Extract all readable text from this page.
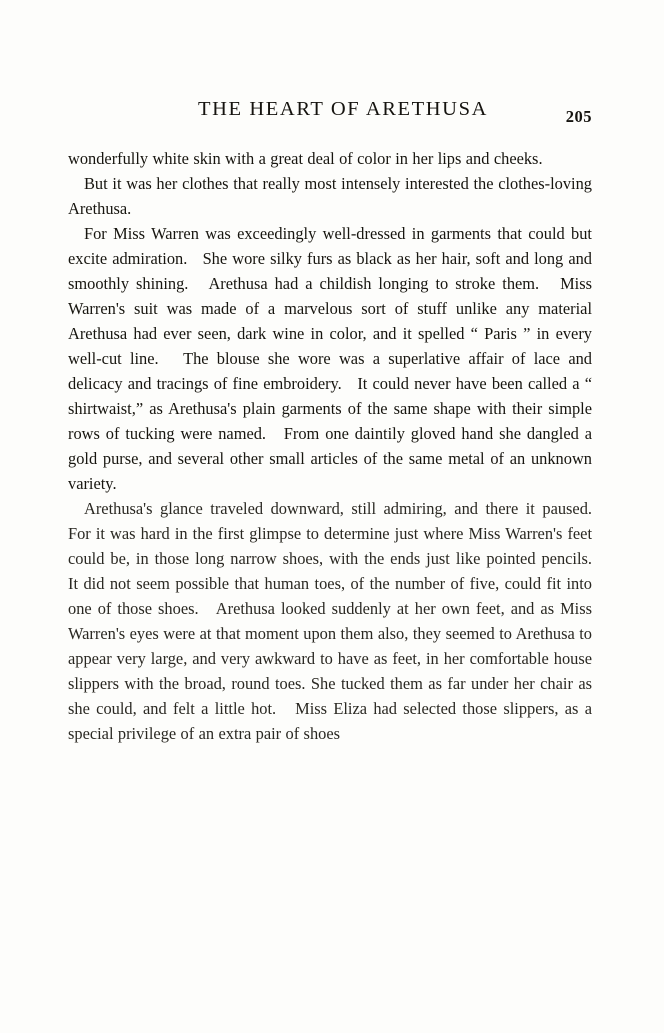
THE HEART OF ARETHUSA	205

wonderfully white skin with a great deal of color in her lips and cheeks.

But it was her clothes that really most intensely interested the clothes-loving Arethusa.

For Miss Warren was exceedingly well-dressed in garments that could but excite admiration.   She wore silky furs as black as her hair, soft and long and smoothly shining.   Arethusa had a childish longing to stroke them.   Miss Warren's suit was made of a marvelous sort of stuff unlike any material Arethusa had ever seen, dark wine in color, and it spelled “ Paris ” in every well-cut line.   The blouse she wore was a superlative affair of lace and delicacy and tracings of fine embroidery.   It could never have been called a “ shirtwaist,” as Arethusa's plain garments of the same shape with their simple rows of tucking were named.   From one daintily gloved hand she dangled a gold purse, and several other small articles of the same metal of an unknown variety.

Arethusa's glance traveled downward, still admiring, and there it paused.   For it was hard in the first glimpse to determine just where Miss Warren's feet could be, in those long narrow shoes, with the ends just like pointed pencils.   It did not seem possible that human toes, of the number of five, could fit into one of those shoes.   Arethusa looked suddenly at her own feet, and as Miss Warren's eyes were at that moment upon them also, they seemed to Arethusa to appear very large, and very awkward to have as feet, in her comfortable house slippers with the broad, round toes. She tucked them as far under her chair as she could, and felt a little hot.   Miss Eliza had selected those slippers, as a special privilege of an extra pair of shoes
